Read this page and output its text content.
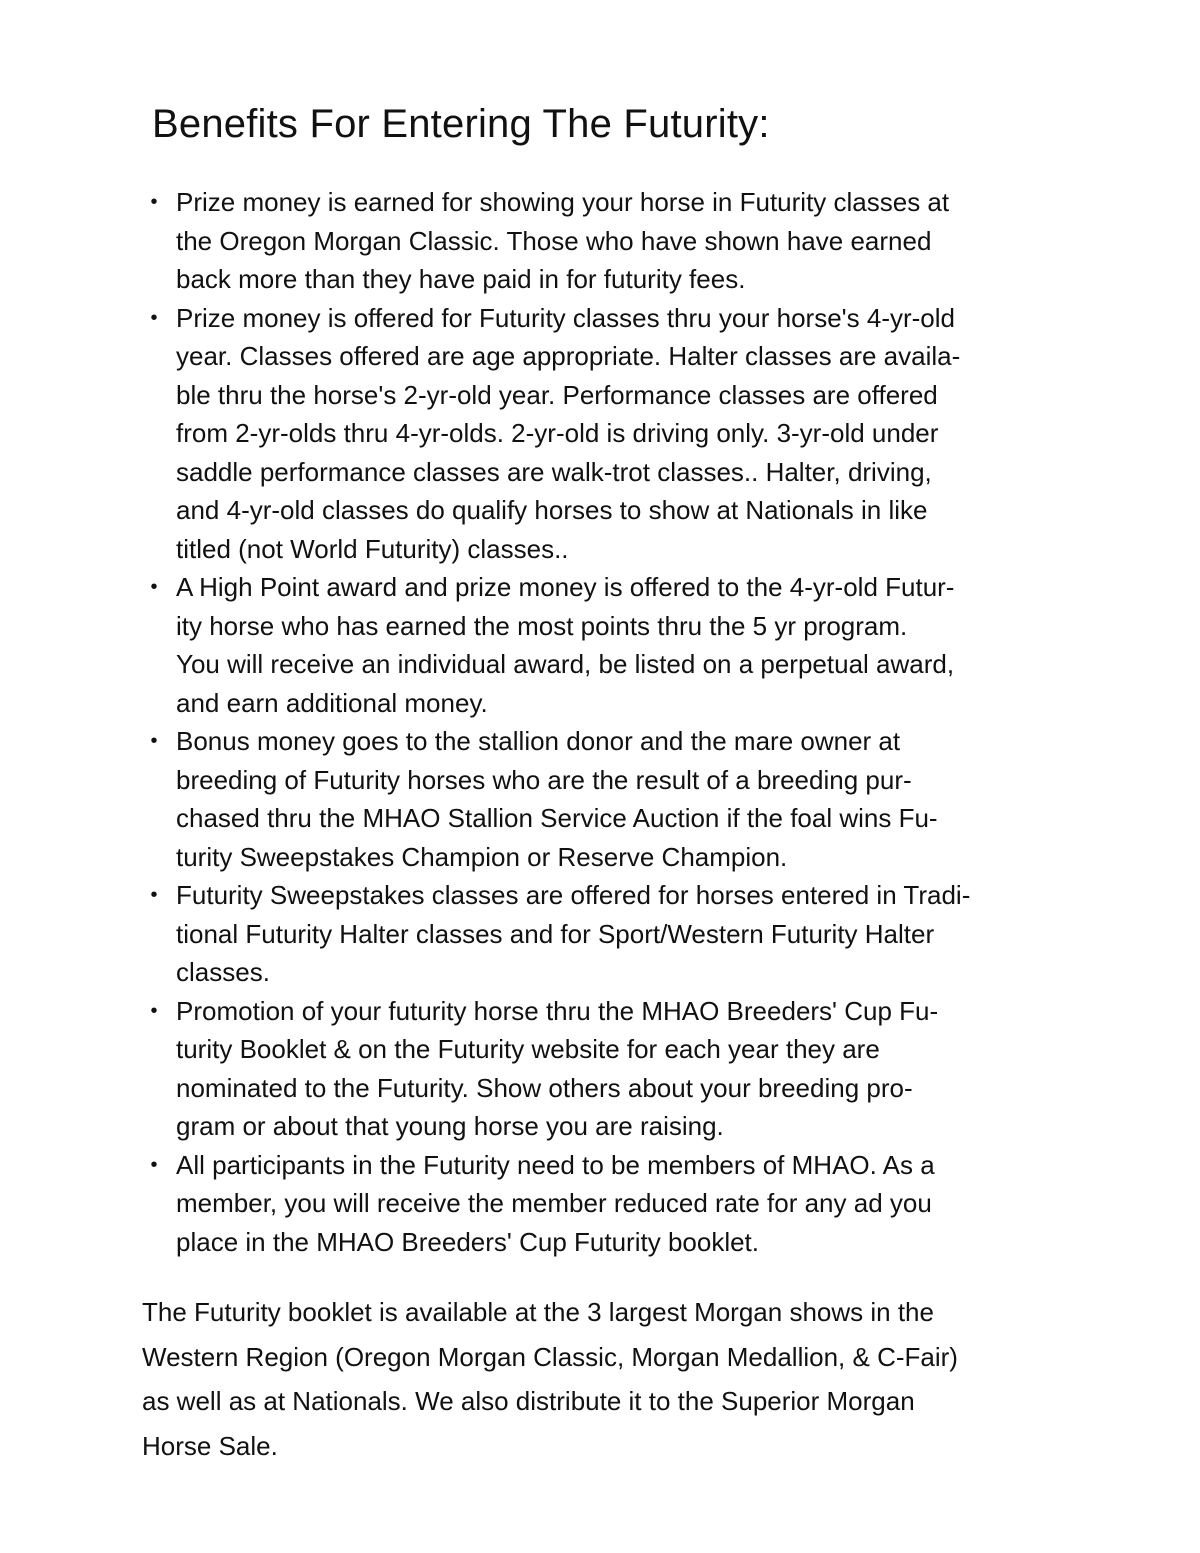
Benefits For Entering The Futurity:
• Prize money is earned for showing your horse in Futurity classes at
the Oregon Morgan Classic. Those who have shown have earned
back more than they have paid in for futurity fees.
• Prize money is offered for Futurity classes thru your horse's 4-yr-old
year. Classes offered are age appropriate. Halter classes are availa-
ble thru the horse's 2-yr-old year. Performance classes are offered
from 2-yr-olds thru 4-yr-olds. 2-yr-old is driving only. 3-yr-old under
saddle performance classes are walk-trot classes.. Halter, driving,
and 4-yr-old classes do qualify horses to show at Nationals in like
titled (not World Futurity) classes..
• A High Point award and prize money is offered to the 4-yr-old Futur-
ity horse who has earned the most points thru the 5 yr program.
You will receive an individual award, be listed on a perpetual award,
and earn additional money.
• Bonus money goes to the stallion donor and the mare owner at
breeding of Futurity horses who are the result of a breeding pur-
chased thru the MHAO Stallion Service Auction if the foal wins Fu-
turity Sweepstakes Champion or Reserve Champion.
• Futurity Sweepstakes classes are offered for horses entered in Tradi-
tional Futurity Halter classes and for Sport/Western Futurity Halter
classes.
• Promotion of your futurity horse thru the MHAO Breeders' Cup Fu-
turity Booklet & on the Futurity website for each year they are
nominated to the Futurity. Show others about your breeding pro-
gram or about that young horse you are raising.
• All participants in the Futurity need to be members of MHAO. As a
member, you will receive the member reduced rate for any ad you
place in the MHAO Breeders' Cup Futurity booklet.

The Futurity booklet is available at the 3 largest Morgan shows in the
Western Region (Oregon Morgan Classic, Morgan Medallion, & C-Fair)
as well as at Nationals. We also distribute it to the Superior Morgan
Horse Sale.
